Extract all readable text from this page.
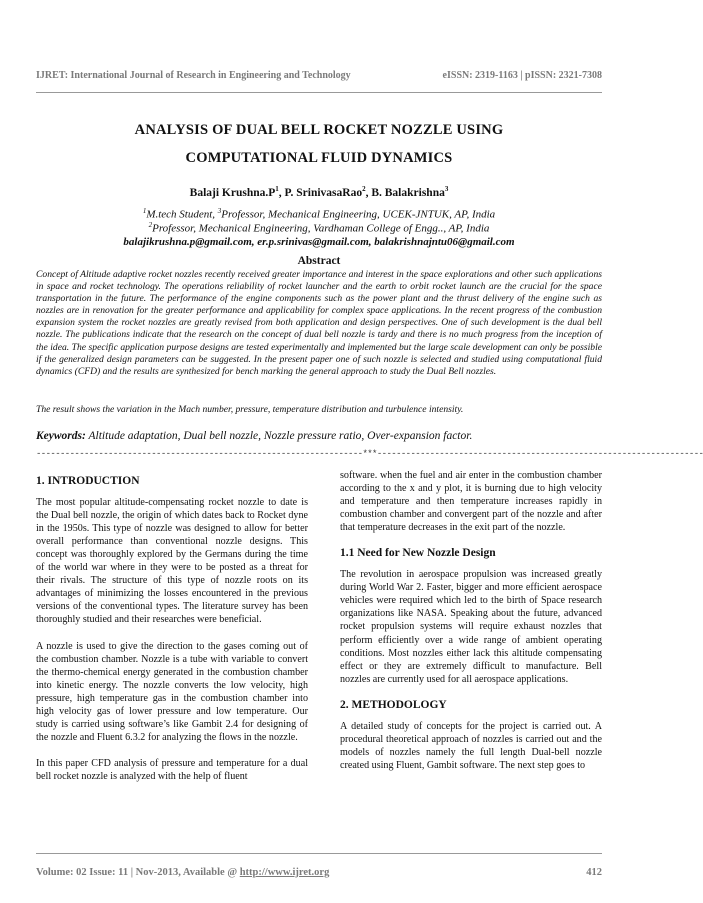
IJRET: International Journal of Research in Engineering and Technology	eISSN: 2319-1163 | pISSN: 2321-7308
ANALYSIS OF DUAL BELL ROCKET NOZZLE USING
COMPUTATIONAL FLUID DYNAMICS
Balaji $Krushna.P^1$, P. SrinivasaRao$^2$, B. Balakrishna$^3$
$^1$M.tech Student, $^3$Professor, Mechanical Engineering, UCEK-JNTUK, AP, India
$^2$Professor, Mechanical Engineering, Vardhaman College of Engg.., AP, India
balajikrushna.p@gmail.com, er.p.srinivas@gmail.com, balakrishnajntu06@gmail.com
Abstract
Concept of Altitude adaptive rocket nozzles recently received greater importance and interest in the space explorations and other such applications in space and rocket technology. The operations reliability of rocket launcher and the earth to orbit rocket launch are the crucial for the space transportation in the future. The performance of the engine components such as the power plant and the thrust delivery of the engine such as nozzles are in renovation for the greater performance and applicability for complex space applications. In the recent progress of the combustion expansion system the rocket nozzles are greatly revised from both application and design perspectives. One of such development is the dual bell nozzle. The publications indicate that the research on the concept of dual bell nozzle is tardy and there is no much progress from the inception of the idea. The specific application purpose designs are tested experimentally and implemented but the large scale development can only be possible if the generalized design parameters can be suggested. In the present paper one of such nozzle is selected and studied using computational fluid dynamics (CFD) and the results are synthesized for bench marking the general approach to study the Dual Bell nozzles.
The result shows the variation in the Mach number, pressure, temperature distribution and turbulence intensity.
Keywords: Altitude adaptation, Dual bell nozzle, Nozzle pressure ratio, Over-expansion factor.
--------------------------------------------------------------------***--------------------------------------------------------------------
1. INTRODUCTION

The most popular altitude-compensating rocket nozzle to date is the Dual bell nozzle, the origin of which dates back to Rocket dyne in the 1950s. This type of nozzle was designed to allow for better overall performance than conventional nozzle designs. This concept was thoroughly explored by the Germans during the time of the world war where in they were to be posted as a threat for their rivals. The structure of this type of nozzle roots on its advantages of minimizing the losses encountered in the previous versions of the conventional types. The literature survey has been thoroughly studied and their researches were beneficial.

A nozzle is used to give the direction to the gases coming out of the combustion chamber. Nozzle is a tube with variable to convert the thermo-chemical energy generated in the combustion chamber into kinetic energy. The nozzle converts the low velocity, high pressure, high temperature gas in the combustion chamber into high velocity gas of lower pressure and low temperature. Our study is carried using software’s like Gambit 2.4 for designing of the nozzle and Fluent 6.3.2 for analyzing the flows in the nozzle.

In this paper CFD analysis of pressure and temperature for a dual bell rocket nozzle is analyzed with the help of fluent

software. when the fuel and air enter in the combustion chamber according to the x and y plot, it is burning due to high velocity and temperature and then temperature increases rapidly in combustion chamber and convergent part of the nozzle and after that temperature decreases in the exit part of the nozzle.

1.1 Need for New Nozzle Design

The revolution in aerospace propulsion was increased greatly during World War 2. Faster, bigger and more efficient aerospace vehicles were required which led to the birth of Space research organizations like NASA. Speaking about the future, advanced rocket propulsion systems will require exhaust nozzles that perform efficiently over a wide range of ambient operating conditions. Most nozzles either lack this altitude compensating effect or they are extremely difficult to manufacture. Bell nozzles are currently used for all aerospace applications.

2. METHODOLOGY

A detailed study of concepts for the project is carried out. A procedural theoretical approach of nozzles is carried out and the models of nozzles namely the full length Dual-bell nozzle created using Fluent, Gambit software. The next step goes to

Volume: 02 Issue: 11 | Nov-2013, Available @ http://www.ijret.org	412
